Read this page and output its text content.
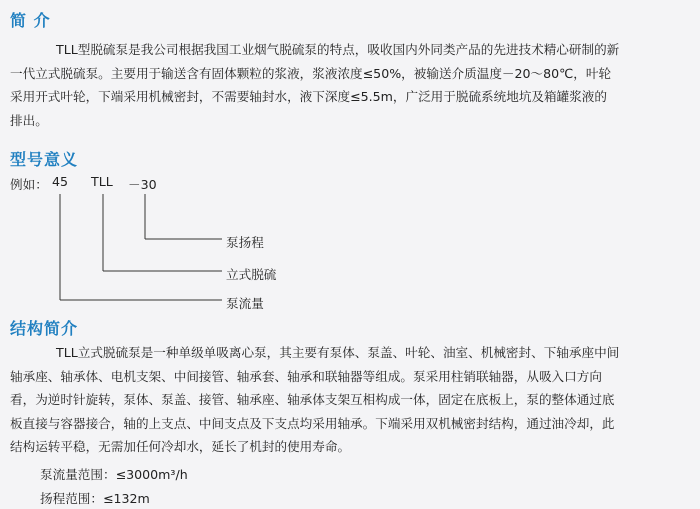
简 介
TLL型脱硫泵是我公司根据我国工业烟气脱硫泵的特点，吸收国内外同类产品的先进技术精心研制的新
一代立式脱硫泵。主要用于输送含有固体颗粒的浆液，浆液浓度≤50%，被输送介质温度－20～80℃，叶轮
采用开式叶轮，下端采用机械密封，不需要轴封水，液下深度≤5.5m，广泛用于脱硫系统地坑及箱罐浆液的
排出。
型号意义
例如： 45 TLL －30
泵扬程
立式脱硫
泵流量
结构简介
TLL立式脱硫泵是一种单级单吸离心泵，其主要有泵体、泵盖、叶轮、油室、机械密封、下轴承座中间
轴承座、轴承体、电机支架、中间接管、轴承套、轴承和联轴器等组成。泵采用柱销联轴器，从吸入口方向
看，为逆时针旋转，泵体、泵盖、接管、轴承座、轴承体支架互相构成一体，固定在底板上，泵的整体通过底
板直接与容器接合，轴的上支点、中间支点及下支点均采用轴承。下端采用双机械密封结构，通过油冷却，此
结构运转平稳，无需加任何冷却水，延长了机封的使用寿命。
泵流量范围：≤3000m³/h
扬程范围：≤132m
